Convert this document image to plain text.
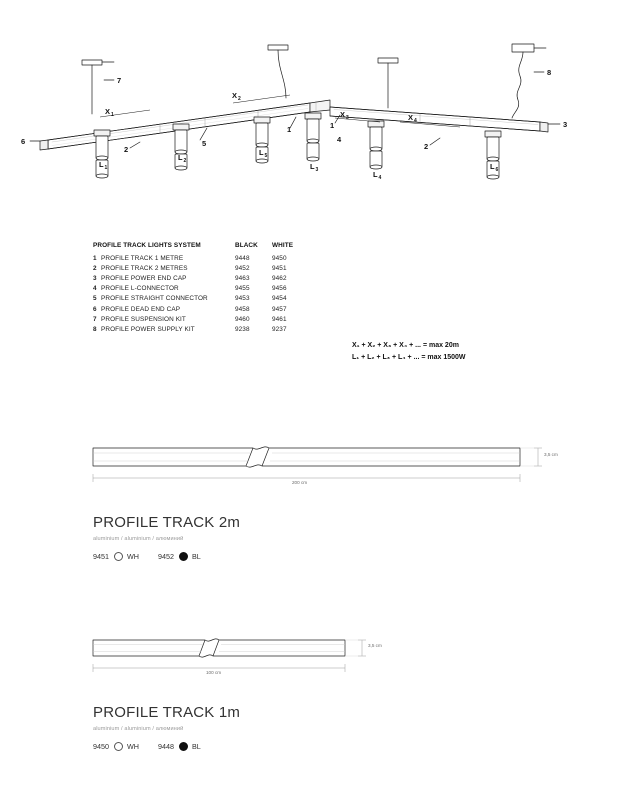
7
8
6
3
2	2
5
1	1
4
X 1
X 2
X 3	X 4
L 1
L 2
L 3	L 4
L 5
L 6
PROFILE TRACK LIGHTS SYSTEM		BLACK	WHITE
1	PROFILE TRACK 1 METRE	9448	9450
2	PROFILE TRACK 2 METRES	9452	9451
3	PROFILE POWER END CAP	9463	9462
4	PROFILE L-CONNECTOR	9455	9456
5	PROFILE STRAIGHT CONNECTOR	9453	9454
6	PROFILE DEAD END CAP	9458	9457
7	PROFILE SUSPENSION KIT	9460	9461
8	PROFILE POWER SUPPLY KIT	9238	9237
X₁ + X₂ + X₃ + X₄ + ... = max 20m
L₁ + L₂ + L₃ + L₄ + ... = max 1500W
200 cm
3,5 cm
PROFILE TRACK 2m
aluminium / aluminium / алюминий
9451	WH	9452	BL
100 cm
3,5 cm
PROFILE TRACK 1m
aluminium / aluminium / алюминий
9450	WH	9448	BL
